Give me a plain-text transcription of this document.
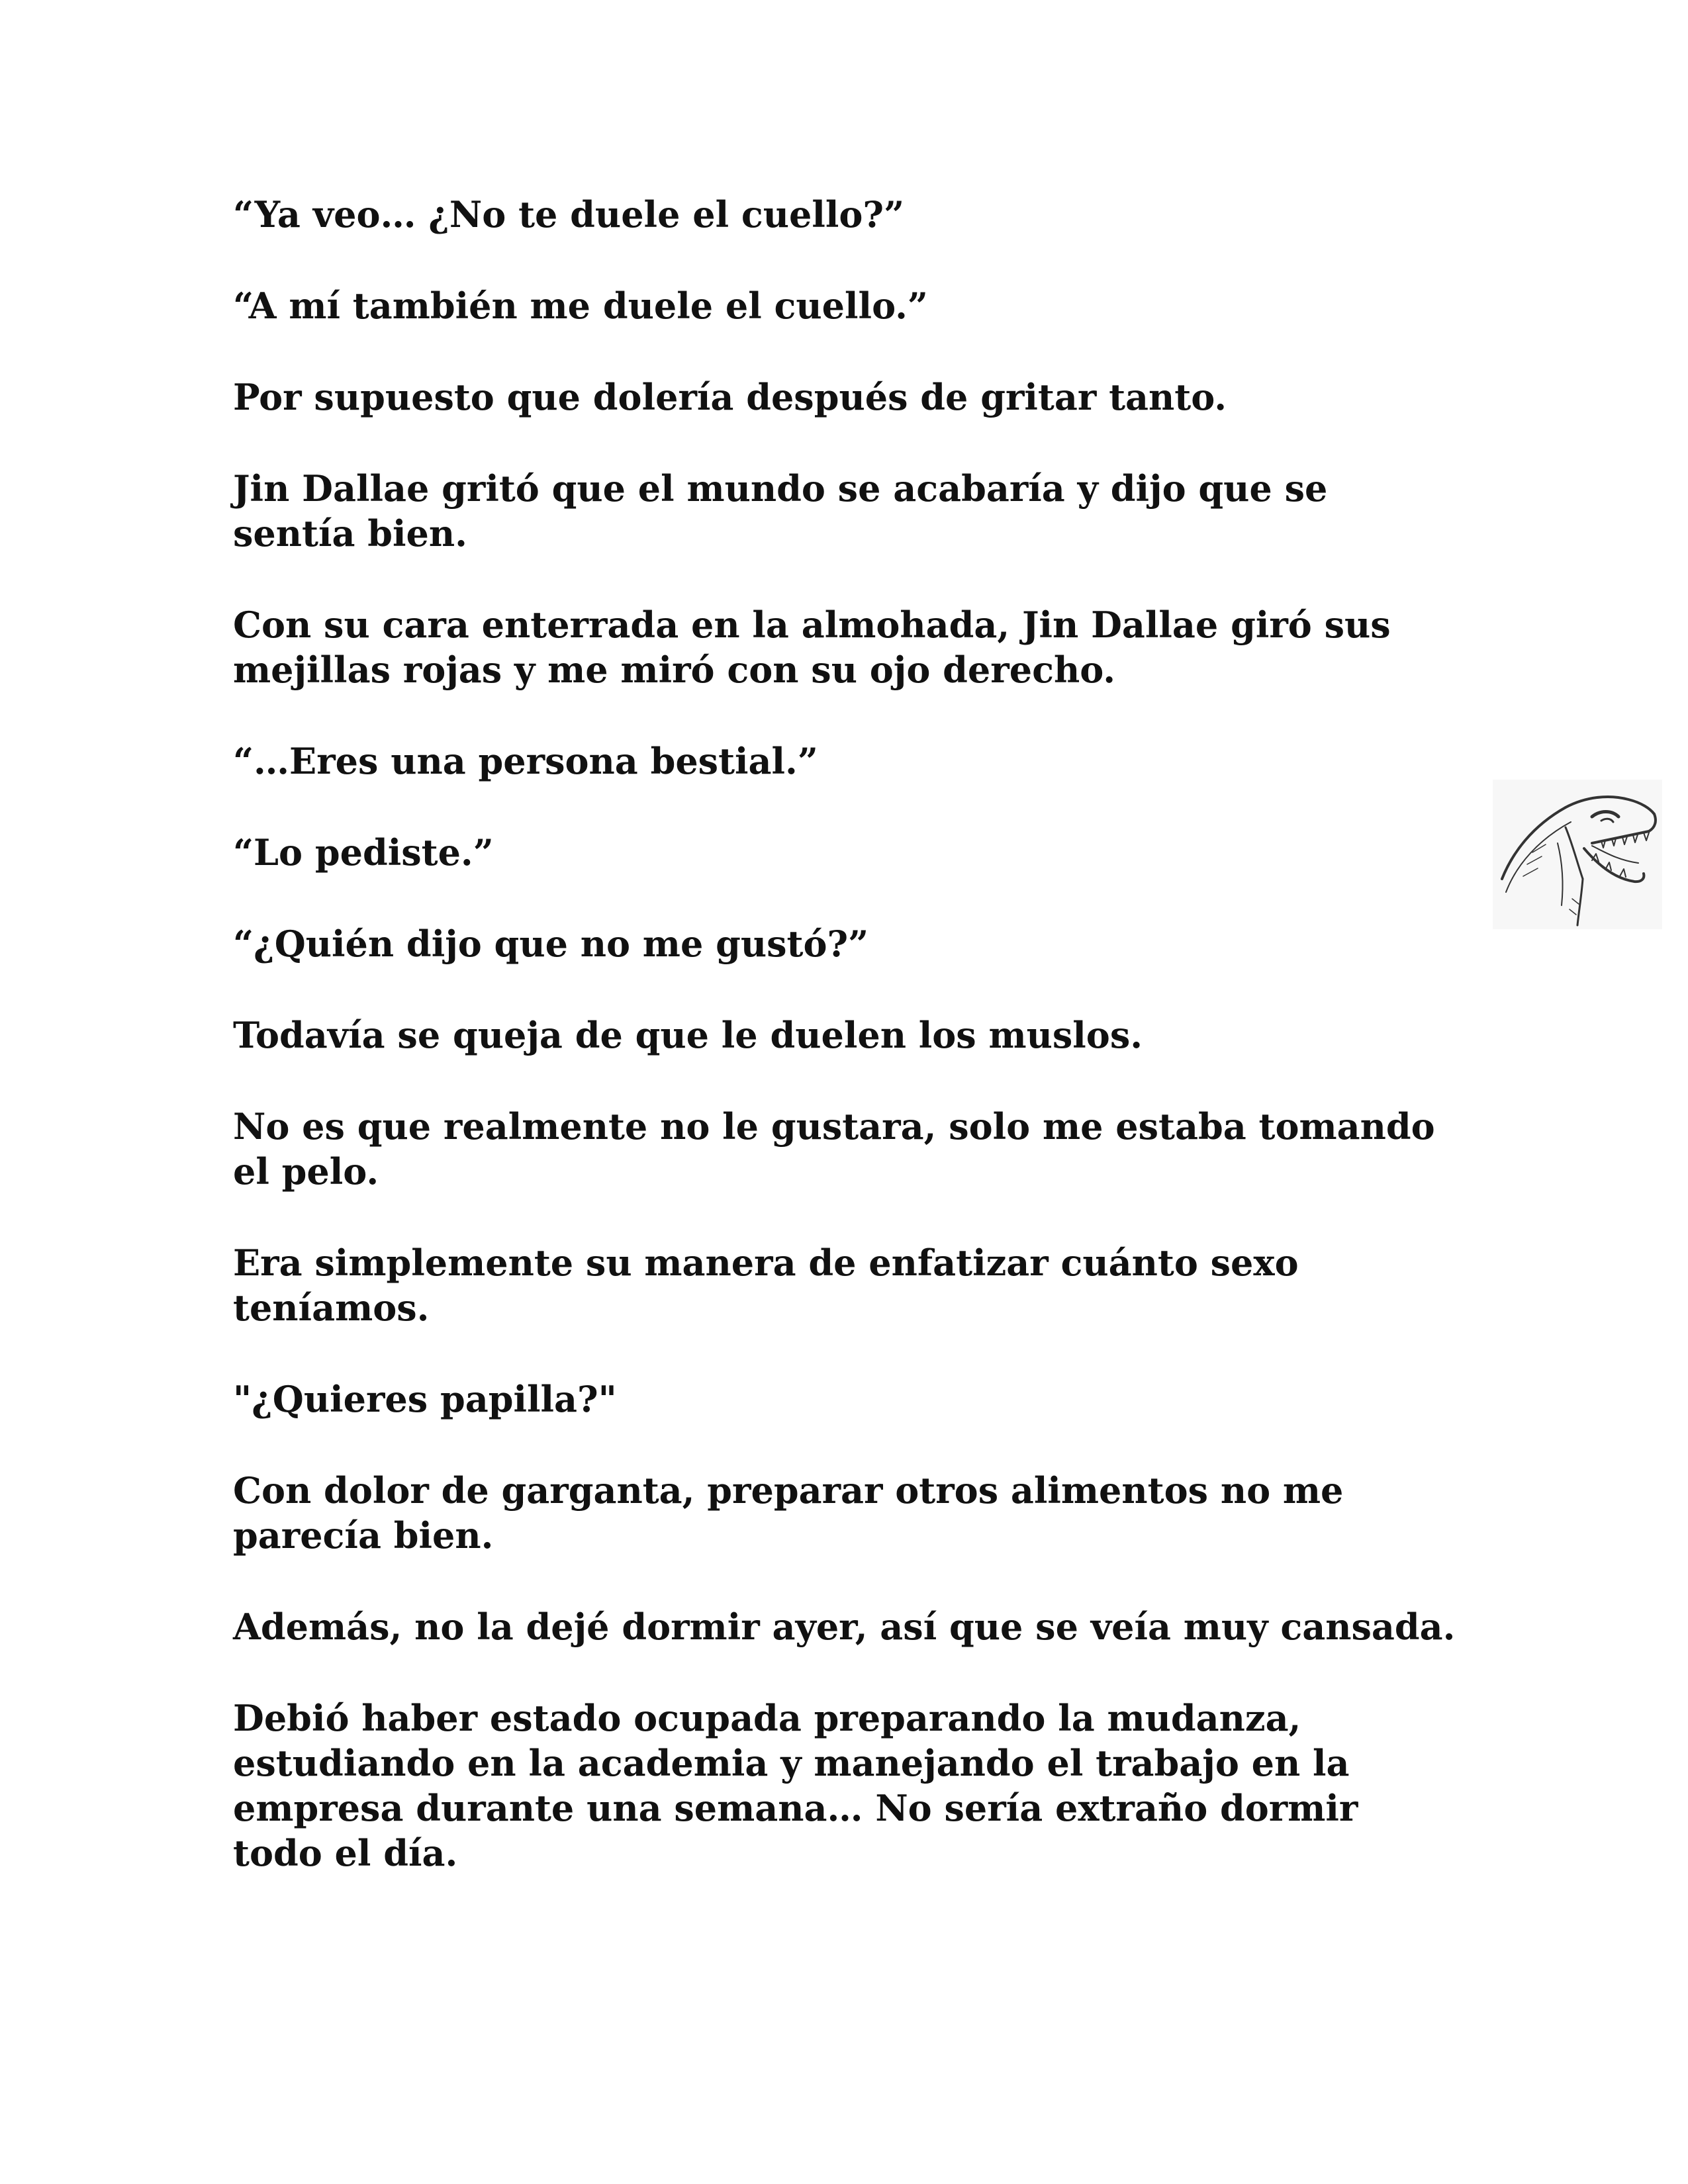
“Ya veo… ¿No te duele el cuello?”

“A mí también me duele el cuello.”

Por supuesto que dolería después de gritar tanto.

Jin Dallae gritó que el mundo se acabaría y dijo que se sentía bien.

Con su cara enterrada en la almohada, Jin Dallae giró sus mejillas rojas y me miró con su ojo derecho.

“…Eres una persona bestial.”

“Lo pediste.”

“¿Quién dijo que no me gustó?”

Todavía se queja de que le duelen los muslos.

No es que realmente no le gustara, solo me estaba tomando el pelo.

Era simplemente su manera de enfatizar cuánto sexo teníamos.

"¿Quieres papilla?"

Con dolor de garganta, preparar otros alimentos no me parecía bien.

Además, no la dejé dormir ayer, así que se veía muy cansada.

Debió haber estado ocupada preparando la mudanza, estudiando en la academia y manejando el trabajo en la empresa durante una semana… No sería extraño dormir todo el día.
